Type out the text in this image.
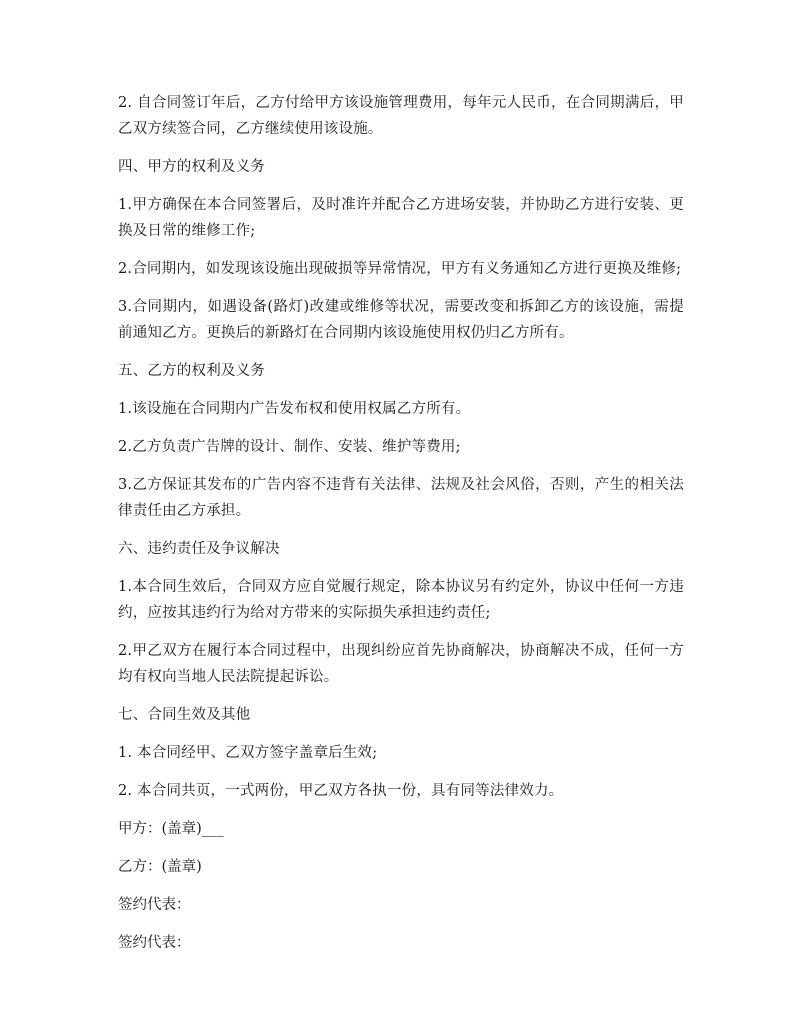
2. 自合同签订年后，乙方付给甲方该设施管理费用，每年元人民币，在合同期满后，甲乙双方续签合同，乙方继续使用该设施。

四、甲方的权利及义务

1.甲方确保在本合同签署后，及时准许并配合乙方进场安装，并协助乙方进行安装、更换及日常的维修工作;

2.合同期内，如发现该设施出现破损等异常情况，甲方有义务通知乙方进行更换及维修;

3.合同期内，如遇设备(路灯)改建或维修等状况，需要改变和拆卸乙方的该设施，需提前通知乙方。更换后的新路灯在合同期内该设施使用权仍归乙方所有。

五、乙方的权利及义务

1.该设施在合同期内广告发布权和使用权属乙方所有。

2.乙方负责广告牌的设计、制作、安装、维护等费用;

3.乙方保证其发布的广告内容不违背有关法律、法规及社会风俗，否则，产生的相关法律责任由乙方承担。

六、违约责任及争议解决

1.本合同生效后，合同双方应自觉履行规定，除本协议另有约定外，协议中任何一方违约，应按其违约行为给对方带来的实际损失承担违约责任;

2.甲乙双方在履行本合同过程中，出现纠纷应首先协商解决，协商解决不成，任何一方均有权向当地人民法院提起诉讼。

七、合同生效及其他

1. 本合同经甲、乙双方签字盖章后生效;

2. 本合同共页，一式两份，甲乙双方各执一份，具有同等法律效力。

甲方：(盖章)___

乙方：(盖章)

签约代表：

签约代表：
